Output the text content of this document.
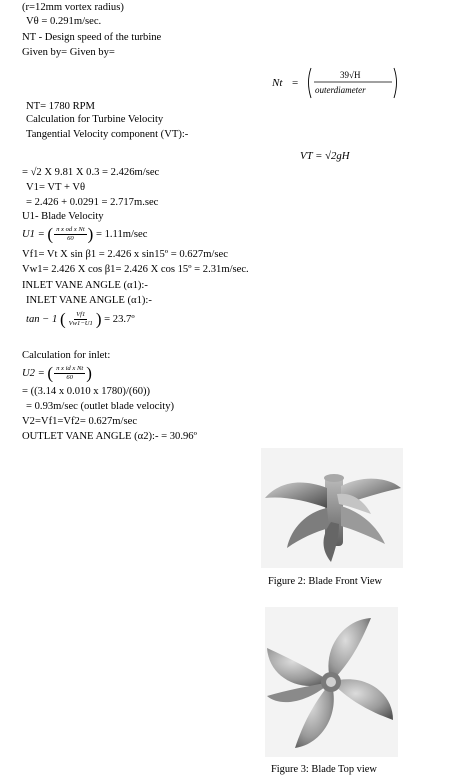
(r=12mm vortex radius)
Vθ = 0.291m/sec.
NT - Design speed of the turbine
Given by= Given by=
Nt =
39√H
outerdiameter
NT= 1780 RPM
Calculation for Turbine Velocity
Tangential Velocity component (VT):-
VT = √2gH
= √2 X 9.81 X 0.3 = 2.426m/sec
V1= VT + Vθ
= 2.426 + 0.0291 = 2.717m.sec
U1- Blade Velocity
U1 = ( $\frac{\text{π x od x Nt}}{60}$ ) = 1.11m/sec
Vf1= Vt X sin β1 = 2.426 x sin15º = 0.627m/sec
Vw1= 2.426 X cos β1= 2.426 X cos 15º = 2.31m/sec.
INLET VANE ANGLE (α1):-
INLET VANE ANGLE (α1):-
tan − 1 ( $\frac{Vf1}{Vw1-U1}$ ) = 23.7º
Calculation for inlet:
U2 = ( $\frac{\text{π x id x Nt}}{60}$ )
= ((3.14 x 0.010 x 1780)/(60))
= 0.93m/sec (outlet blade velocity)
V2=Vf1=Vf2= 0.627m/sec
OUTLET VANE ANGLE (α2):- = 30.96º
Figure 2: Blade Front View
Figure 3: Blade Top view
